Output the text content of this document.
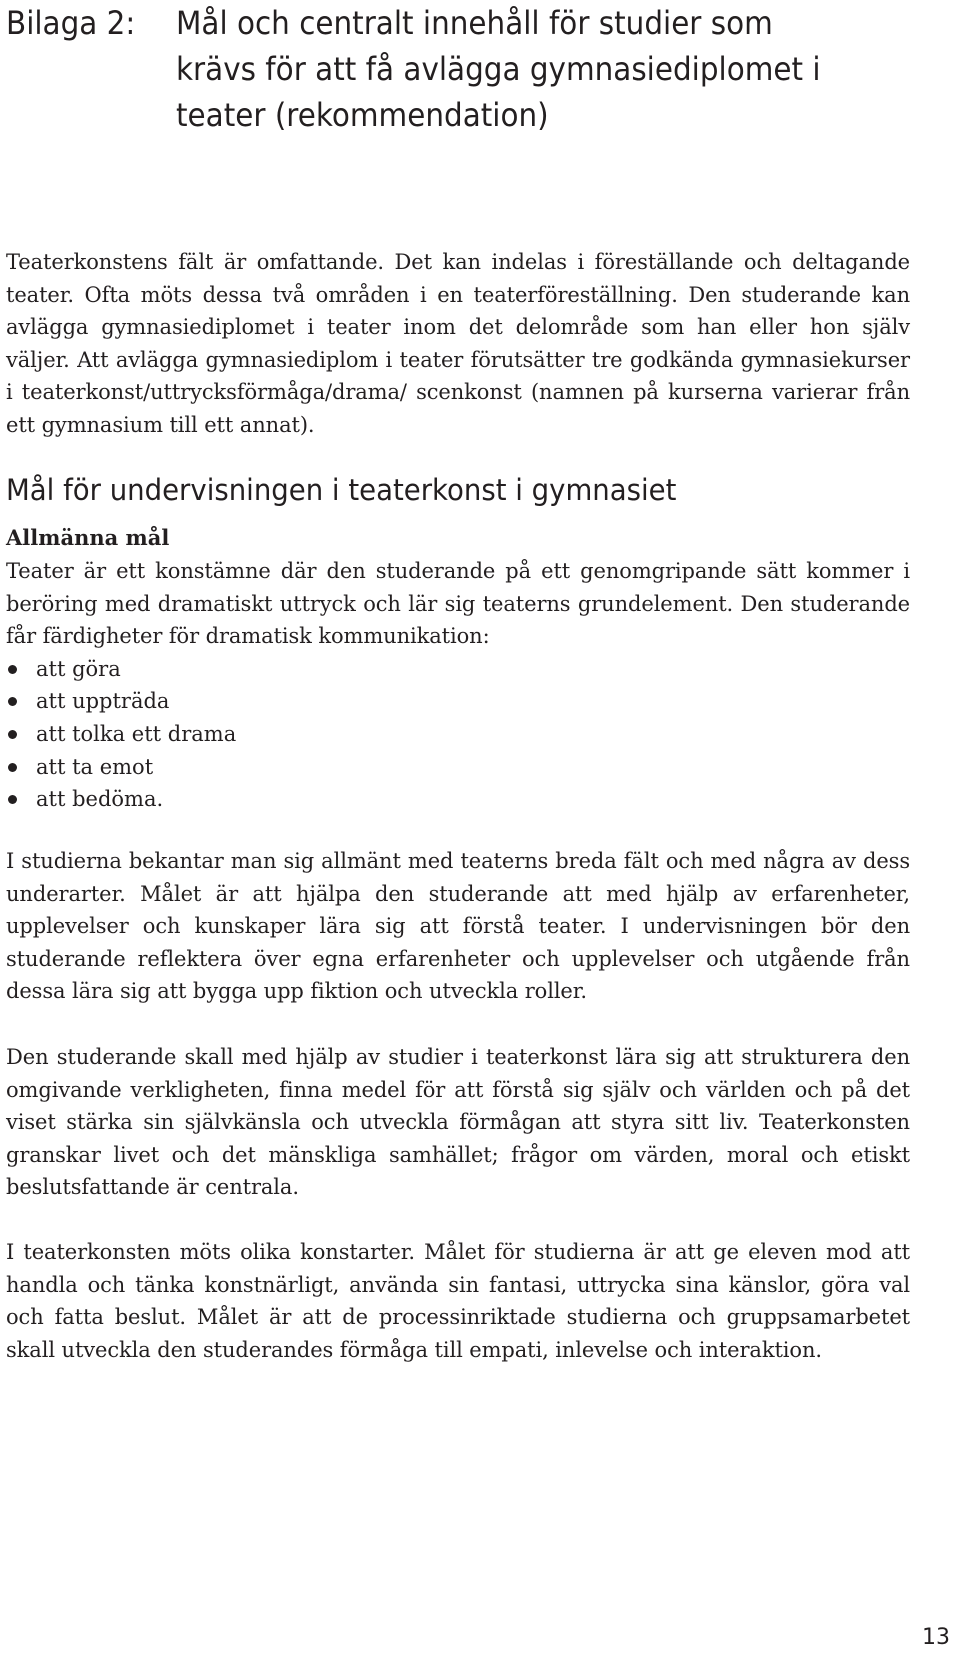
Bilaga 2:	Mål och centralt innehåll för studier som
krävs för att få avlägga gymnasiediplomet i
teater (rekommendation)

Teaterkonstens fält är omfattande. Det kan indelas i föreställande och deltagande teater. Ofta möts dessa två områden i en teaterföreställning. Den studerande kan avlägga gymnasiediplomet i teater inom det delområde som han eller hon själv väljer. Att avlägga gymnasiediplom i teater förutsätter tre godkända gymnasiekurser i teaterkonst/uttrycksförmåga/drama/ scenkonst (namnen på kurserna varierar från ett gymnasium till ett annat).

Mål för undervisningen i teaterkonst i gymnasiet
Allmänna mål

Teater är ett konstämne där den studerande på ett genomgripande sätt kommer i beröring med dramatiskt uttryck och lär sig teaterns grundelement. Den studerande får färdigheter för dramatisk kommunikation:

att göra
att uppträda
att tolka ett drama
att ta emot
att bedöma.

I studierna bekantar man sig allmänt med teaterns breda fält och med några av dess underarter. Målet är att hjälpa den studerande att med hjälp av erfarenheter, upplevelser och kunskaper lära sig att förstå teater. I undervisningen bör den studerande reflektera över egna erfarenheter och upplevelser och utgående från dessa lära sig att bygga upp fiktion och utveckla roller.

Den studerande skall med hjälp av studier i teaterkonst lära sig att strukturera den omgivande verkligheten, finna medel för att förstå sig själv och världen och på det viset stärka sin självkänsla och utveckla förmågan att styra sitt liv. Teaterkonsten granskar livet och det mänskliga samhället; frågor om värden, moral och etiskt beslutsfattande är centrala.

I teaterkonsten möts olika konstarter. Målet för studierna är att ge eleven mod att handla och tänka konstnärligt, använda sin fantasi, uttrycka sina känslor, göra val och fatta beslut. Målet är att de processinriktade studierna och gruppsamarbetet skall utveckla den studerandes förmåga till empati, inlevelse och interaktion.

13
